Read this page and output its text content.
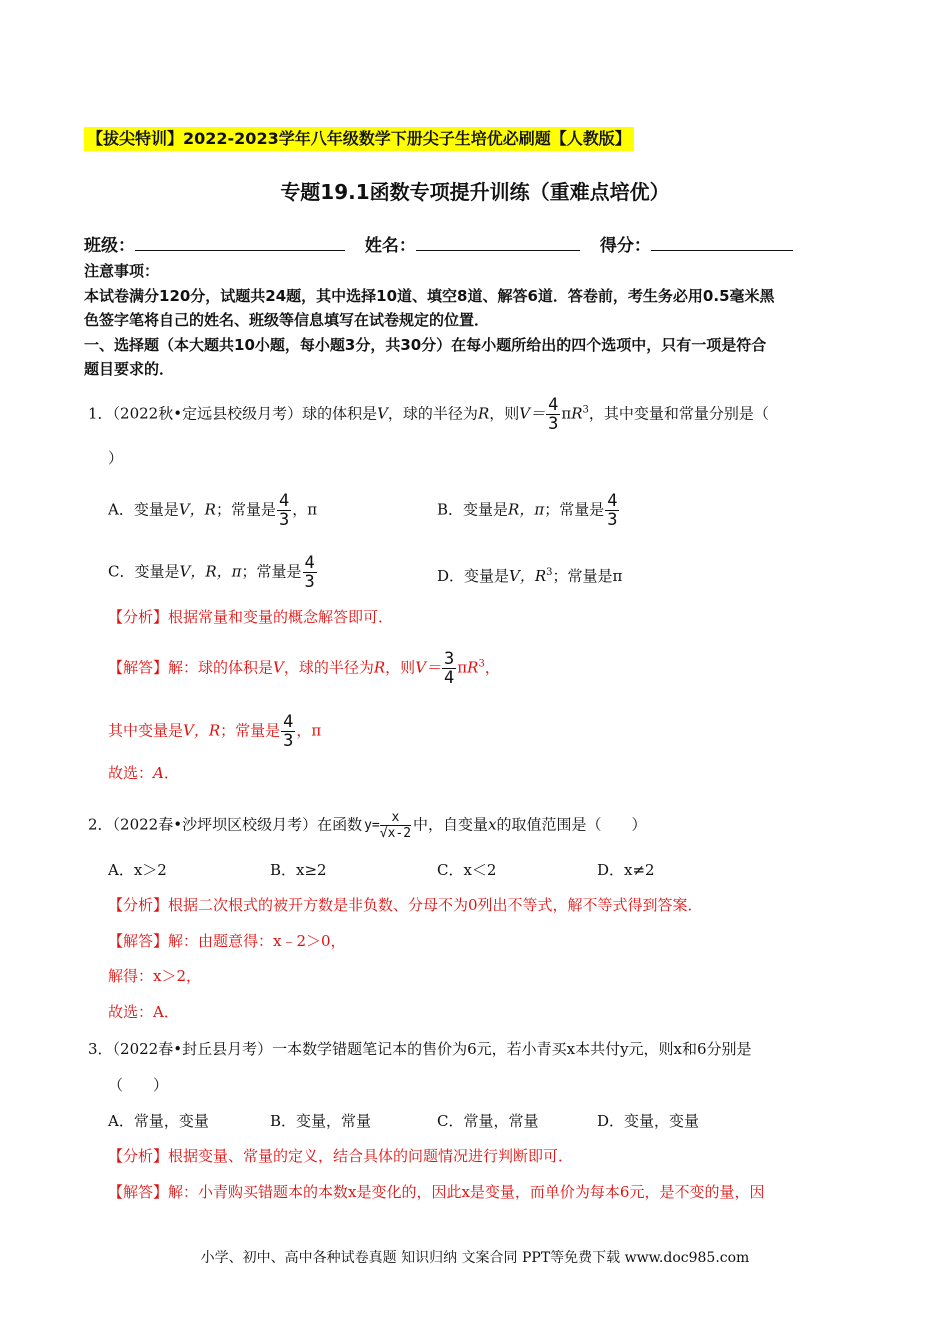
【拔尖特训】2022-2023学年八年级数学下册尖子生培优必刷题【人教版】
专题19.1函数专项提升训练（重难点培优）
班级：	姓名：	得分：
注意事项：
本试卷满分120分，试题共24题，其中选择10道、填空8道、解答6道．答卷前，考生务必用0.5毫米黑
色签字笔将自己的姓名、班级等信息填写在试卷规定的位置．
一、选择题（本大题共10小题，每小题3分，共30分）在每小题所给出的四个选项中，只有一项是符合
题目要求的．
1．（2022秋•定远县校级月考）球的体积是V，球的半径为R，则$V= \frac{4}{3} \pi R^3$，其中变量和常量分别是（
）
A．变量是V，R；常量是 $\frac{4}{3}$ ，π	B．变量是R，π；常量是 $\frac{4}{3}$
C．变量是V，R，π；常量是 $\frac{4}{3}$	D．变量是V，$R^3$；常量是π
【分析】根据常量和变量的概念解答即可．
【解答】解：球的体积是V，球的半径为R，则$V= \frac{3}{4} \pi R^3$，
其中变量是V，R；常量是 $\frac{4}{3}$ ，π
故选：A．
2．（2022春•沙坪坝区校级月考）在函数 $y= \frac{x}{√x-2}$ 中，自变量x的取值范围是（　　）
A．x＞2	B．x≥2	C．x＜2	D．x≠2
【分析】根据二次根式的被开方数是非负数、分母不为0列出不等式，解不等式得到答案．
【解答】解：由题意得：x﹣2＞0，
解得：x＞2，
故选：A．
3．（2022春•封丘县月考）一本数学错题笔记本的售价为6元，若小青买x本共付y元，则x和6分别是
（　　）
A．常量，变量	B．变量，常量	C．常量，常量	D．变量，变量
【分析】根据变量、常量的定义，结合具体的问题情况进行判断即可．
【解答】解：小青购买错题本的本数x是变化的，因此x是变量，而单价为每本6元，是不变的量，因
小学、初中、高中各种试卷真题 知识归纳 文案合同 PPT等免费下载 www.doc985.com
